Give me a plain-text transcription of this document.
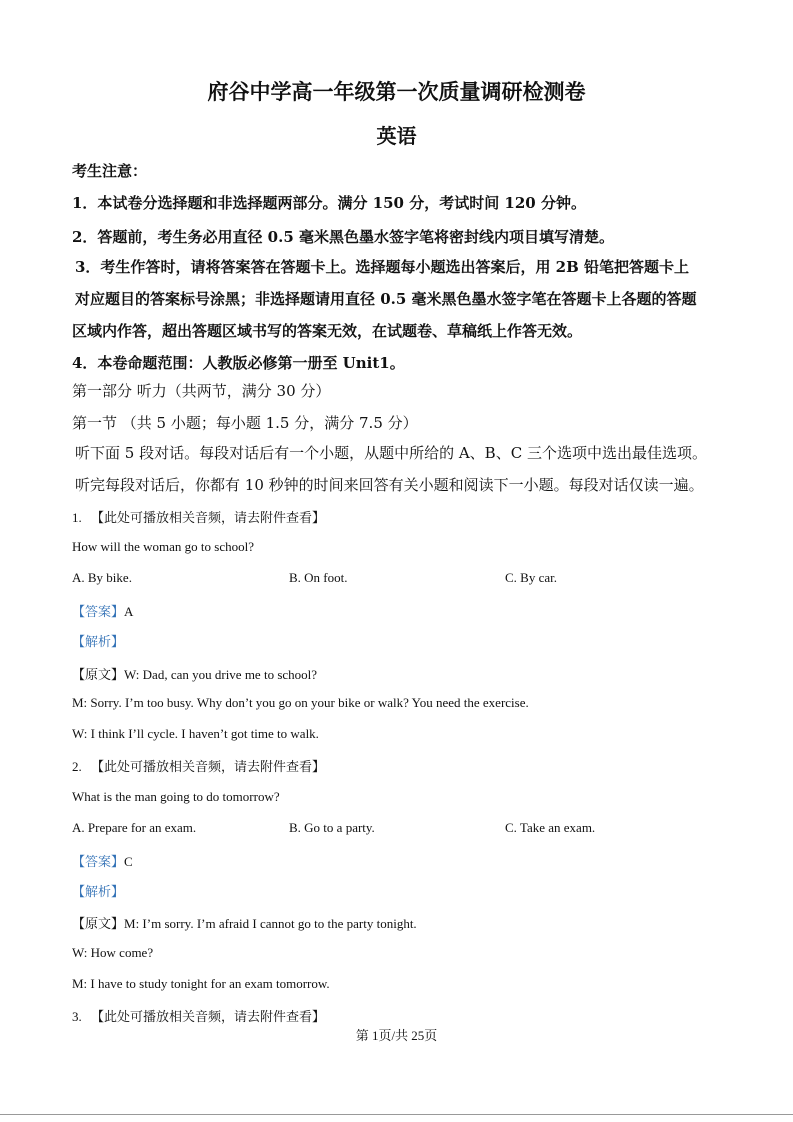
府谷中学高一年级第一次质量调研检测卷
英语
考生注意：
1．本试卷分选择题和非选择题两部分。满分 150 分，考试时间 120 分钟。
2．答题前，考生务必用直径 0.5 毫米黑色墨水签字笔将密封线内项目填写清楚。
3．考生作答时，请将答案答在答题卡上。选择题每小题选出答案后，用 2B 铅笔把答题卡上
对应题目的答案标号涂黑；非选择题请用直径 0.5 毫米黑色墨水签字笔在答题卡上各题的答题
区域内作答，超出答题区域书写的答案无效，在试题卷、草稿纸上作答无效。
4．本卷命题范围：人教版必修第一册至 Unit1。
第一部分 听力（共两节，满分 30 分）
第一节 （共 5 小题；每小题 1.5 分，满分 7.5 分）
听下面 5 段对话。每段对话后有一个小题，从题中所给的 A、B、C 三个选项中选出最佳选项。
听完每段对话后，你都有 10 秒钟的时间来回答有关小题和阅读下一小题。每段对话仅读一遍。
1. 【此处可播放相关音频，请去附件查看】
How will the woman go to school?
A. By bike.	B. On foot.	C. By car.
【答案】A
【解析】
【原文】W: Dad, can you drive me to school?
M: Sorry. I’m too busy. Why don’t you go on your bike or walk? You need the exercise.
W: I think I’ll cycle. I haven’t got time to walk.
2. 【此处可播放相关音频，请去附件查看】
What is the man going to do tomorrow?
A. Prepare for an exam.	B. Go to a party.	C. Take an exam.
【答案】C
【解析】
【原文】M: I’m sorry. I’m afraid I cannot go to the party tonight.
W: How come?
M: I have to study tonight for an exam tomorrow.
3. 【此处可播放相关音频，请去附件查看】
第 1页/共 25页
